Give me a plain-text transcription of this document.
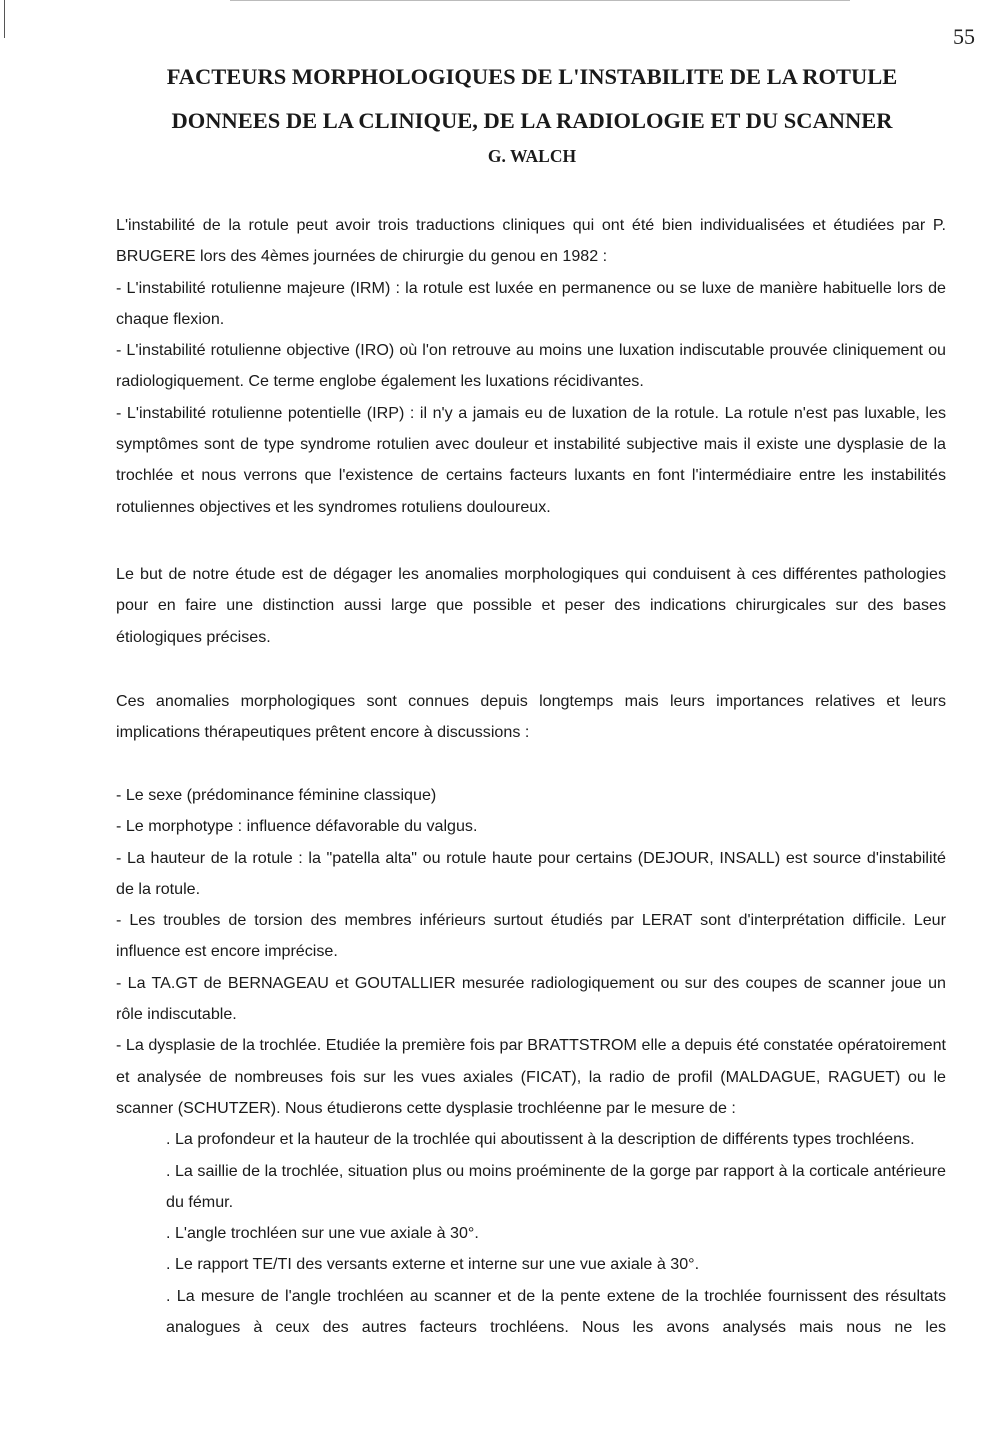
55
FACTEURS MORPHOLOGIQUES DE L'INSTABILITE DE LA ROTULE
DONNEES DE LA CLINIQUE, DE LA RADIOLOGIE ET DU SCANNER
G. WALCH

L'instabilité de la rotule peut avoir trois traductions cliniques qui ont été bien individualisées et étudiées par P. BRUGERE lors des 4èmes journées de chirurgie du genou en 1982 :

- L'instabilité rotulienne majeure (IRM) : la rotule est luxée en permanence ou se luxe de manière habituelle lors de chaque flexion.

- L'instabilité rotulienne objective (IRO) où l'on retrouve au moins une luxation indiscutable prouvée cliniquement ou radiologiquement. Ce terme englobe également les luxations récidivantes.

- L'instabilité rotulienne potentielle (IRP) : il n'y a jamais eu de luxation de la rotule. La rotule n'est pas luxable, les symptômes sont de type syndrome rotulien avec douleur et instabilité subjective mais il existe une dysplasie de la trochlée et nous verrons que l'existence de certains facteurs luxants en font l'intermédiaire entre les instabilités rotuliennes objectives et les syndromes rotuliens douloureux.

Le but de notre étude est de dégager les anomalies morphologiques qui conduisent à ces différentes pathologies pour en faire une distinction aussi large que possible et peser des indications chirurgicales sur des bases étiologiques précises.

Ces anomalies morphologiques sont connues depuis longtemps mais leurs importances relatives et leurs implications thérapeutiques prêtent encore à discussions :

- Le sexe (prédominance féminine classique)

- Le morphotype : influence défavorable du valgus.

- La hauteur de la rotule : la "patella alta" ou rotule haute pour certains (DEJOUR, INSALL) est source d'instabilité de la rotule.

- Les troubles de torsion des membres inférieurs surtout étudiés par LERAT sont d'interprétation difficile. Leur influence est encore imprécise.

- La TA.GT de BERNAGEAU et GOUTALLIER mesurée radiologiquement ou sur des coupes de scanner joue un rôle indiscutable.

- La dysplasie de la trochlée. Etudiée la première fois par BRATTSTROM elle a depuis été constatée opératoirement et analysée de nombreuses fois sur les vues axiales (FICAT), la radio de profil (MALDAGUE, RAGUET) ou le scanner (SCHUTZER). Nous étudierons cette dysplasie trochléenne par le mesure de :

. La profondeur et la hauteur de la trochlée qui aboutissent à la description de différents types trochléens.

. La saillie de la trochlée, situation plus ou moins proéminente de la gorge par rapport à la corticale antérieure du fémur.

. L'angle trochléen sur une vue axiale à 30°.

. Le rapport TE/TI des versants externe et interne sur une vue axiale à 30°.

. La mesure de l'angle trochléen au scanner et de la pente extene de la trochlée fournissent des résultats analogues à ceux des autres facteurs trochléens. Nous les avons analysés mais nous ne les
